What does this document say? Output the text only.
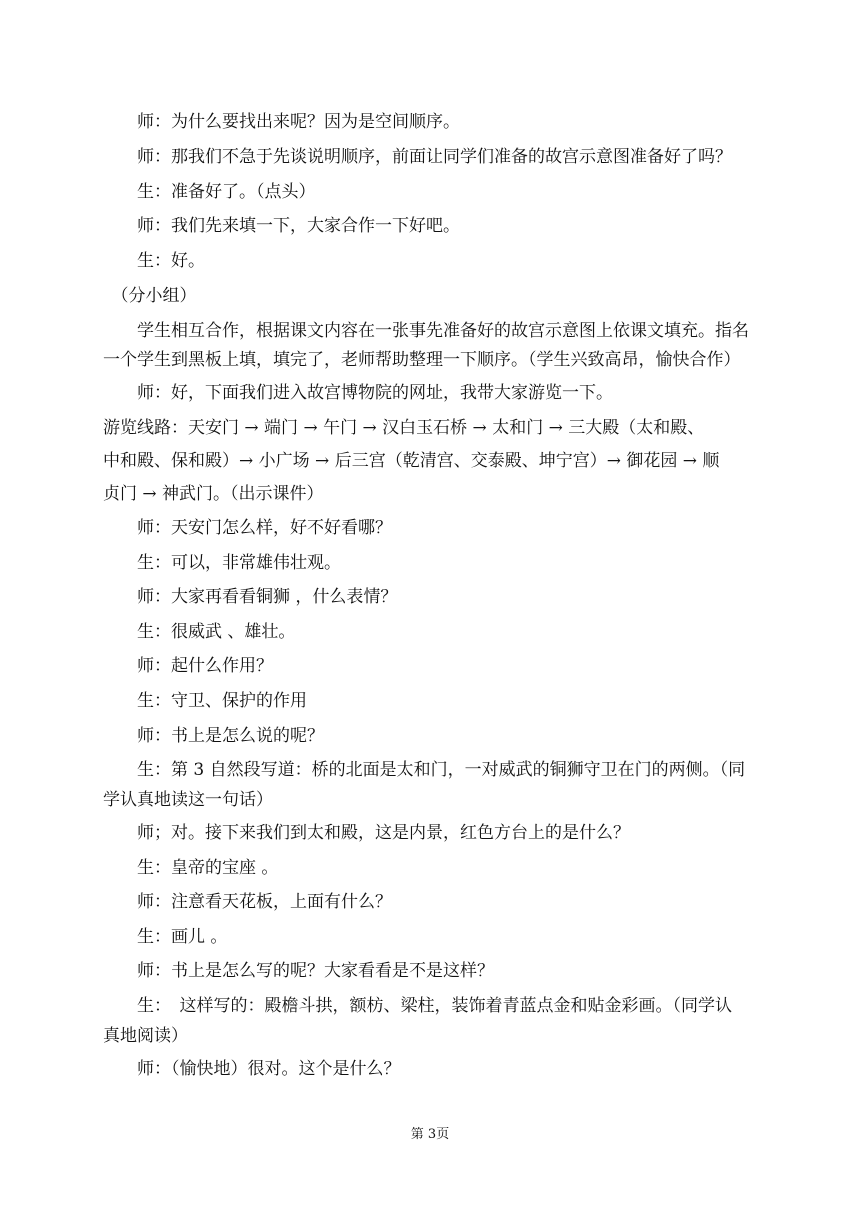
　　师：为什么要找出来呢？因为是空间顺序。
　　师：那我们不急于先谈说明顺序，前面让同学们准备的故宫示意图准备好了吗？
　　生：准备好了。（点头）
　　师：我们先来填一下，大家合作一下好吧。
　　生：好。
　（分小组）
　　学生相互合作，根据课文内容在一张事先准备好的故宫示意图上依课文填充。指名
一个学生到黑板上填，填完了，老师帮助整理一下顺序。（学生兴致高昂，愉快合作）
　　师：好，下面我们进入故宫博物院的网址，我带大家游览一下。
游览线路：天安门 → 端门 → 午门 → 汉白玉石桥 → 太和门 → 三大殿（太和殿、
中和殿、保和殿）→ 小广场 → 后三宫（乾清宫、交泰殿、坤宁宫）→ 御花园 → 顺
贞门 → 神武门。（出示课件）
　　师：天安门怎么样，好不好看哪？
　　生：可以，非常雄伟壮观。
　　师：大家再看看铜狮 ，什么表情？
　　生：很威武 、雄壮。
　　师：起什么作用？
　　生：守卫、保护的作用
　　师：书上是怎么说的呢？
　　生：第 3 自然段写道：桥的北面是太和门，一对威武的铜狮守卫在门的两侧。（同
学认真地读这一句话）
　　师；对。接下来我们到太和殿，这是内景，红色方台上的是什么？
　　生：皇帝的宝座 。
　　师：注意看天花板，上面有什么？
　　生：画儿 。
　　师：书上是怎么写的呢？大家看看是不是这样？
　　生：　这样写的：殿檐斗拱，额枋、梁柱，装饰着青蓝点金和贴金彩画。（同学认
真地阅读）
　　师：（愉快地）很对。这个是什么？
第 3页
